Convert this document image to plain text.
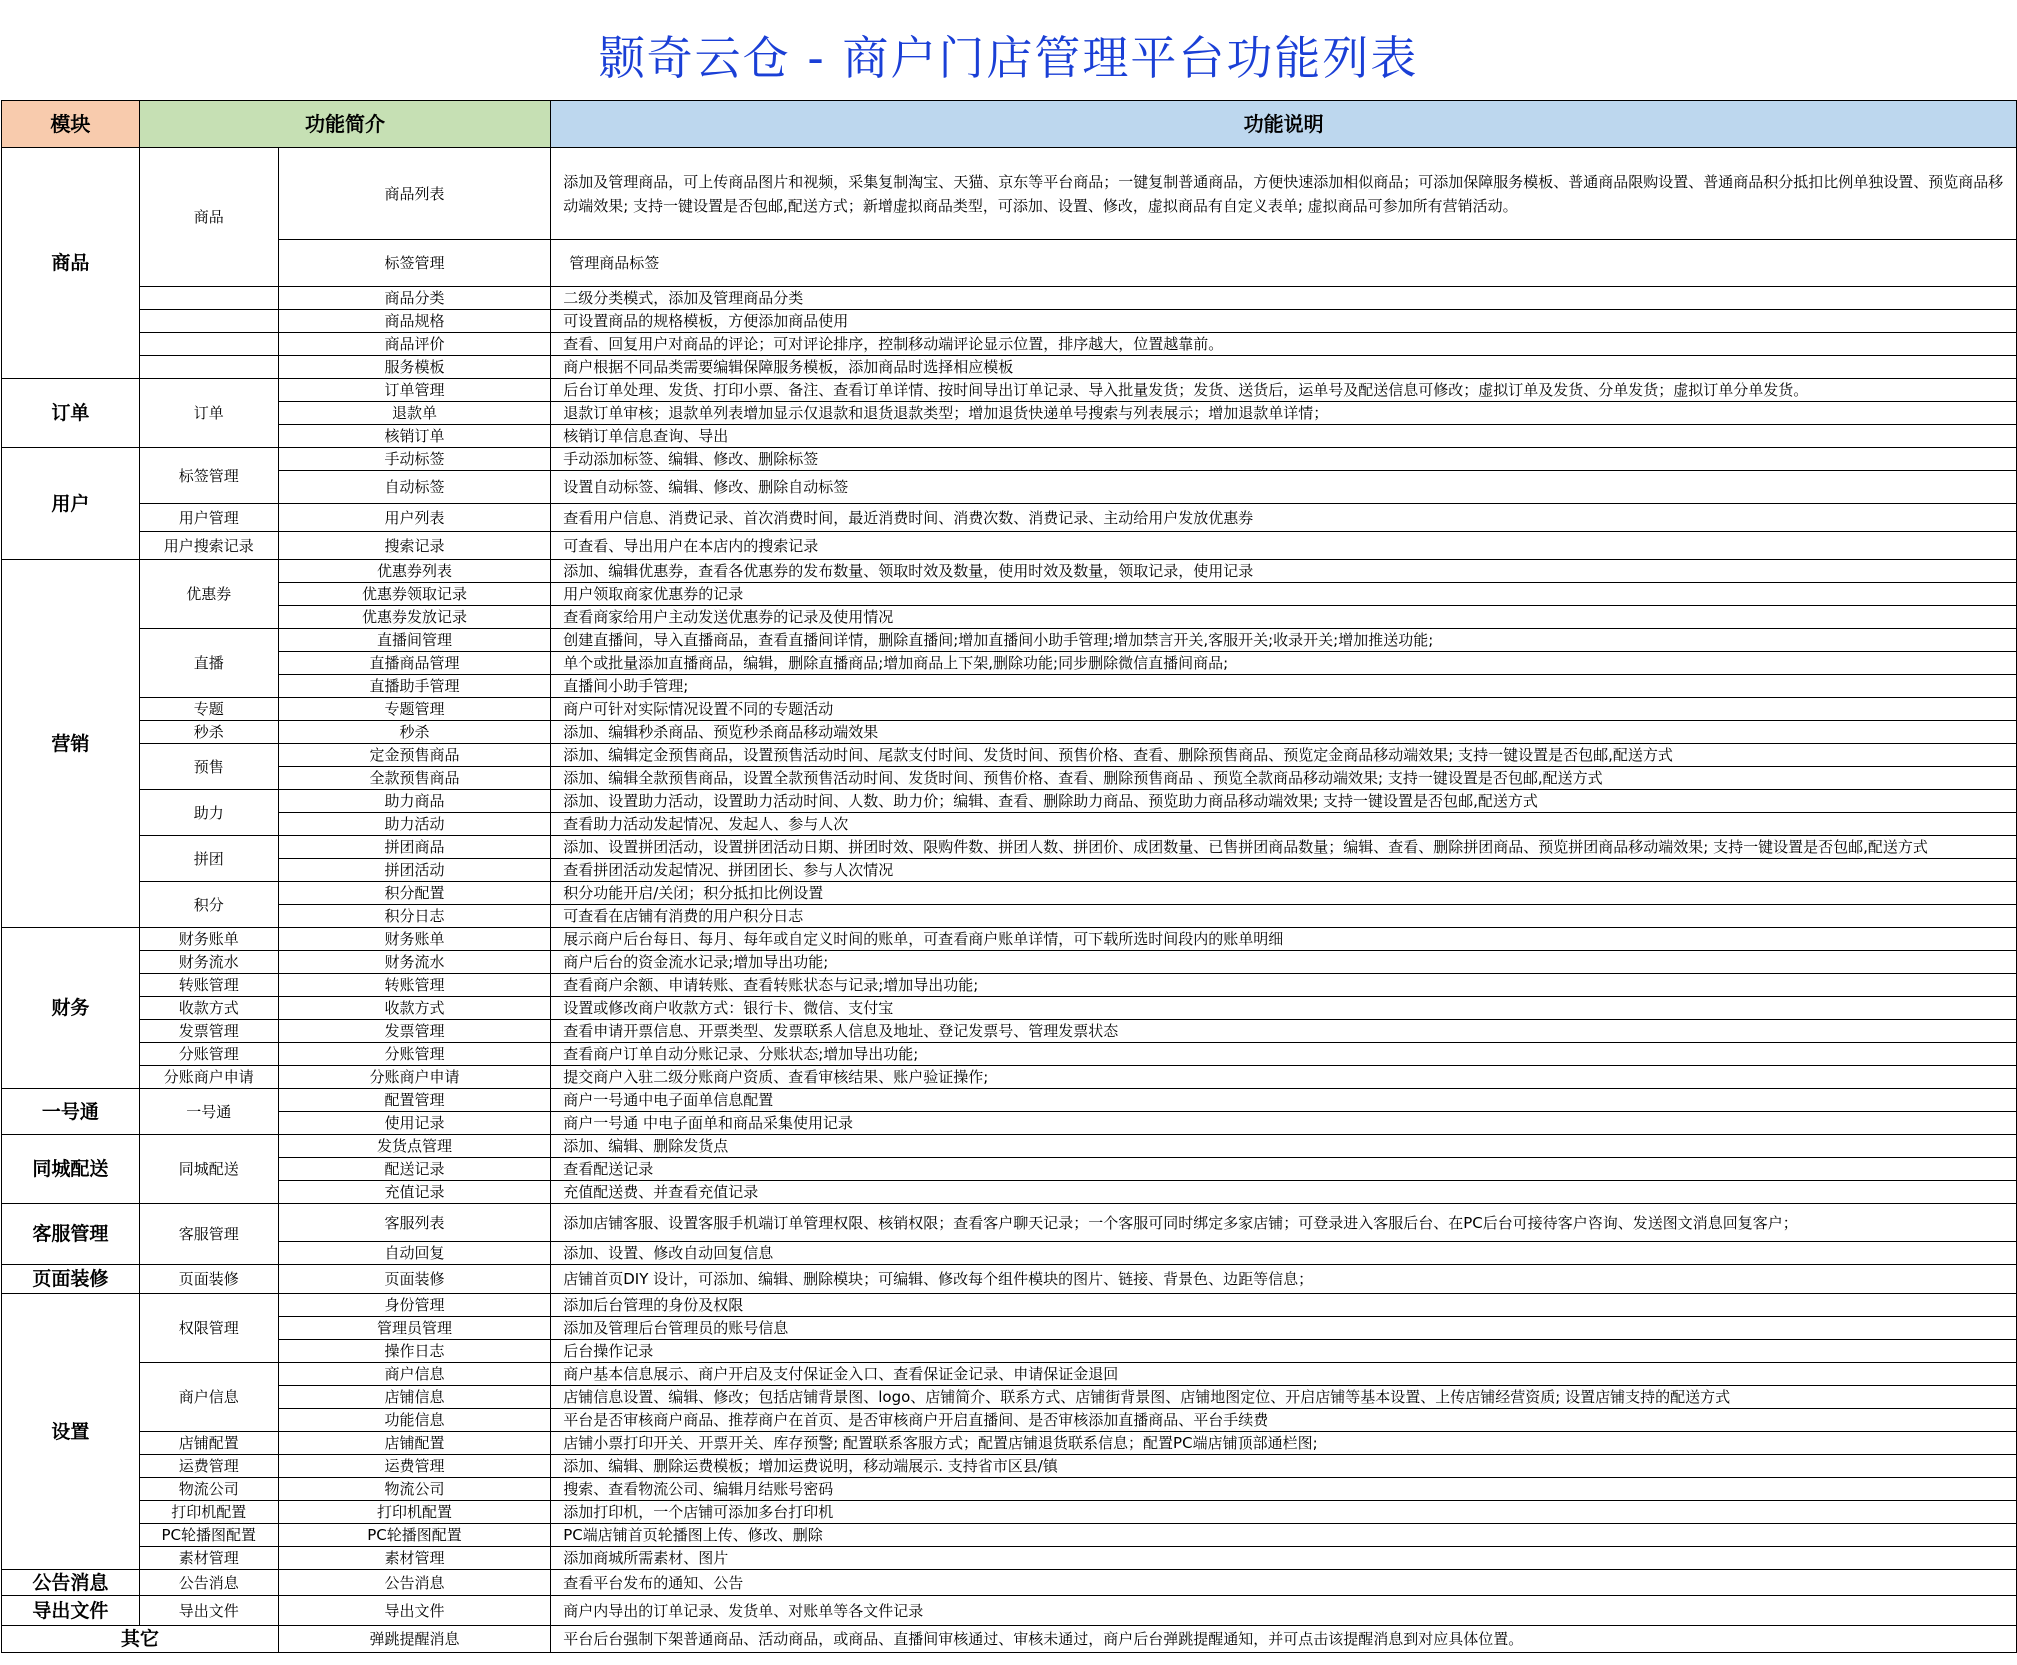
颢奇云仓 - 商户门店管理平台功能列表
模块	功能简介		功能说明
商品	商品	商品列表	添加及管理商品，可上传商品图片和视频，采集复制淘宝、天猫、京东等平台商品；一键复制普通商品，方便快速添加相似商品；可添加保障服务模板、普通商品限购设置、普通商品积分抵扣比例单独设置、预览商品移动端效果; 支持一键设置是否包邮,配送方式；新增虚拟商品类型，可添加、设置、修改，虚拟商品有自定义表单; 虚拟商品可参加所有营销活动。
		标签管理	管理商品标签
		商品分类	二级分类模式，添加及管理商品分类
		商品规格	可设置商品的规格模板，方便添加商品使用
		商品评价	查看、回复用户对商品的评论；可对评论排序，控制移动端评论显示位置，排序越大，位置越靠前。
		服务模板	商户根据不同品类需要编辑保障服务模板，添加商品时选择相应模板
订单	订单	订单管理	后台订单处理、发货、打印小票、备注、查看订单详情、按时间导出订单记录、导入批量发货；发货、送货后，运单号及配送信息可修改；虚拟订单及发货、分单发货；虚拟订单分单发货。
		退款单	退款订单审核；退款单列表增加显示仅退款和退货退款类型；增加退货快递单号搜索与列表展示；增加退款单详情；
		核销订单	核销订单信息查询、导出
用户	标签管理	手动标签	手动添加标签、编辑、修改、删除标签
		自动标签	设置自动标签、编辑、修改、删除自动标签
	用户管理	用户列表	查看用户信息、消费记录、首次消费时间，最近消费时间、消费次数、消费记录、主动给用户发放优惠券
	用户搜索记录	搜索记录	可查看、导出用户在本店内的搜索记录
营销	优惠券	优惠券列表	添加、编辑优惠券，查看各优惠券的发布数量、领取时效及数量，使用时效及数量，领取记录，使用记录
		优惠券领取记录	用户领取商家优惠券的记录
		优惠券发放记录	查看商家给用户主动发送优惠券的记录及使用情况
	直播	直播间管理	创建直播间，导入直播商品，查看直播间详情，删除直播间;增加直播间小助手管理;增加禁言开关,客服开关;收录开关;增加推送功能;
		直播商品管理	单个或批量添加直播商品，编辑，删除直播商品;增加商品上下架,删除功能;同步删除微信直播间商品;
		直播助手管理	直播间小助手管理;
	专题	专题管理	商户可针对实际情况设置不同的专题活动
	秒杀	秒杀	添加、编辑秒杀商品、预览秒杀商品移动端效果
	预售	定金预售商品	添加、编辑定金预售商品，设置预售活动时间、尾款支付时间、发货时间、预售价格、查看、删除预售商品、预览定金商品移动端效果; 支持一键设置是否包邮,配送方式
		全款预售商品	添加、编辑全款预售商品，设置全款预售活动时间、发货时间、预售价格、查看、删除预售商品 、预览全款商品移动端效果; 支持一键设置是否包邮,配送方式
	助力	助力商品	添加、设置助力活动，设置助力活动时间、人数、助力价；编辑、查看、删除助力商品、预览助力商品移动端效果; 支持一键设置是否包邮,配送方式
		助力活动	查看助力活动发起情况、发起人、参与人次
	拼团	拼团商品	添加、设置拼团活动，设置拼团活动日期、拼团时效、限购件数、拼团人数、拼团价、成团数量、已售拼团商品数量；编辑、查看、删除拼团商品、预览拼团商品移动端效果; 支持一键设置是否包邮,配送方式
		拼团活动	查看拼团活动发起情况、拼团团长、参与人次情况
	积分	积分配置	积分功能开启/关闭；积分抵扣比例设置
		积分日志	可查看在店铺有消费的用户积分日志
财务	财务账单	财务账单	展示商户后台每日、每月、每年或自定义时间的账单，可查看商户账单详情，可下载所选时间段内的账单明细
	财务流水	财务流水	商户后台的资金流水记录;增加导出功能;
	转账管理	转账管理	查看商户余额、申请转账、查看转账状态与记录;增加导出功能;
	收款方式	收款方式	设置或修改商户收款方式：银行卡、微信、支付宝
	发票管理	发票管理	查看申请开票信息、开票类型、发票联系人信息及地址、登记发票号、管理发票状态
	分账管理	分账管理	查看商户订单自动分账记录、分账状态;增加导出功能;
	分账商户申请	分账商户申请	提交商户入驻二级分账商户资质、查看审核结果、账户验证操作;
一号通	一号通	配置管理	商户一号通中电子面单信息配置
		使用记录	商户一号通 中电子面单和商品采集使用记录
同城配送	同城配送	发货点管理	添加、编辑、删除发货点
		配送记录	查看配送记录
		充值记录	充值配送费、并查看充值记录
客服管理	客服管理	客服列表	添加店铺客服、设置客服手机端订单管理权限、核销权限；查看客户聊天记录；一个客服可同时绑定多家店铺；可登录进入客服后台、在PC后台可接待客户咨询、发送图文消息回复客户；
		自动回复	添加、设置、修改自动回复信息
页面装修	页面装修	页面装修	店铺首页DIY 设计，可添加、编辑、删除模块；可编辑、修改每个组件模块的图片、链接、背景色、边距等信息；
设置	权限管理	身份管理	添加后台管理的身份及权限
		管理员管理	添加及管理后台管理员的账号信息
		操作日志	后台操作记录
	商户信息	商户信息	商户基本信息展示、商户开启及支付保证金入口、查看保证金记录、申请保证金退回
		店铺信息	店铺信息设置、编辑、修改；包括店铺背景图、logo、店铺简介、联系方式、店铺街背景图、店铺地图定位、开启店铺等基本设置、上传店铺经营资质; 设置店铺支持的配送方式
		功能信息	平台是否审核商户商品、推荐商户在首页、是否审核商户开启直播间、是否审核添加直播商品、平台手续费
	店铺配置	店铺配置	店铺小票打印开关、开票开关、库存预警; 配置联系客服方式；配置店铺退货联系信息；配置PC端店铺顶部通栏图;
	运费管理	运费管理	添加、编辑、删除运费模板；增加运费说明，移动端展示. 支持省市区县/镇
	物流公司	物流公司	搜索、查看物流公司、编辑月结账号密码
	打印机配置	打印机配置	添加打印机，一个店铺可添加多台打印机
	PC轮播图配置	PC轮播图配置	PC端店铺首页轮播图上传、修改、删除
	素材管理	素材管理	添加商城所需素材、图片
公告消息	公告消息	公告消息	查看平台发布的通知、公告
导出文件	导出文件	导出文件	商户内导出的订单记录、发货单、对账单等各文件记录
其它		弹跳提醒消息	平台后台强制下架普通商品、活动商品，或商品、直播间审核通过、审核未通过，商户后台弹跳提醒通知，并可点击该提醒消息到对应具体位置。
